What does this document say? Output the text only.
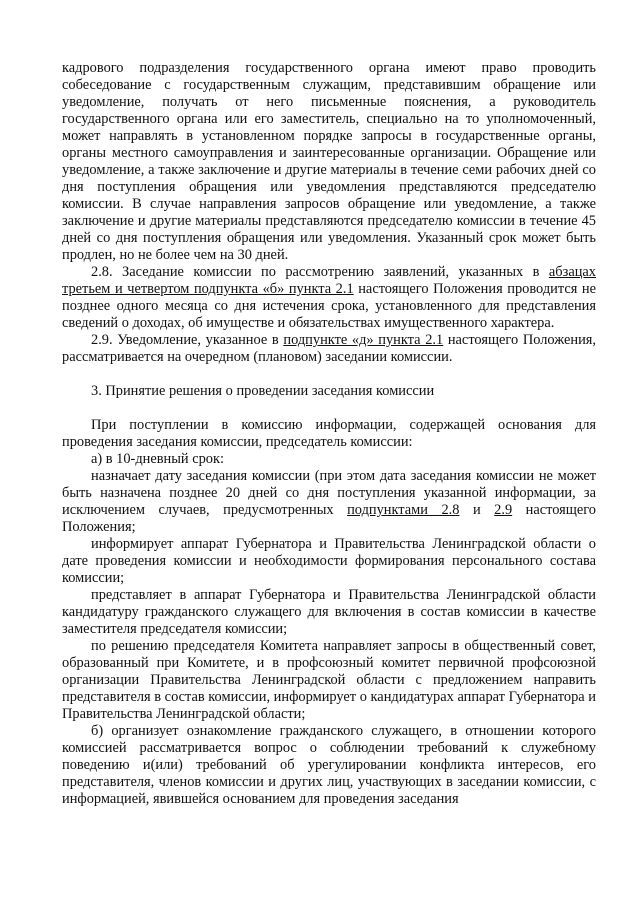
кадрового подразделения государственного органа имеют право проводить собеседование с государственным служащим, представившим обращение или уведомление, получать от него письменные пояснения, а руководитель государственного органа или его заместитель, специально на то уполномоченный, может направлять в установленном порядке запросы в государственные органы, органы местного самоуправления и заинтересованные организации. Обращение или уведомление, а также заключение и другие материалы в течение семи рабочих дней со дня поступления обращения или уведомления представляются председателю комиссии. В случае направления запросов обращение или уведомление, а также заключение и другие материалы представляются председателю комиссии в течение 45 дней со дня поступления обращения или уведомления. Указанный срок может быть продлен, но не более чем на 30 дней.

2.8. Заседание комиссии по рассмотрению заявлений, указанных в абзацах третьем и четвертом подпункта «б» пункта 2.1 настоящего Положения проводится не позднее одного месяца со дня истечения срока, установленного для представления сведений о доходах, об имуществе и обязательствах имущественного характера.

2.9. Уведомление, указанное в подпункте «д» пункта 2.1 настоящего Положения, рассматривается на очередном (плановом) заседании комиссии.

3. Принятие решения о проведении заседания комиссии

При поступлении в комиссию информации, содержащей основания для проведения заседания комиссии, председатель комиссии:

а) в 10-дневный срок:

назначает дату заседания комиссии (при этом дата заседания комиссии не может быть назначена позднее 20 дней со дня поступления указанной информации, за исключением случаев, предусмотренных подпунктами 2.8 и 2.9 настоящего Положения;

информирует аппарат Губернатора и Правительства Ленинградской области о дате проведения комиссии и необходимости формирования персонального состава комиссии;

представляет в аппарат Губернатора и Правительства Ленинградской области кандидатуру гражданского служащего для включения в состав комиссии в качестве заместителя председателя комиссии;

по решению председателя Комитета направляет запросы в общественный совет, образованный при Комитете, и в профсоюзный комитет первичной профсоюзной организации Правительства Ленинградской области с предложением направить представителя в состав комиссии, информирует о кандидатурах аппарат Губернатора и Правительства Ленинградской области;

б) организует ознакомление гражданского служащего, в отношении которого комиссией рассматривается вопрос о соблюдении требований к служебному поведению и(или) требований об урегулировании конфликта интересов, его представителя, членов комиссии и других лиц, участвующих в заседании комиссии, с информацией, явившейся основанием для проведения заседания
